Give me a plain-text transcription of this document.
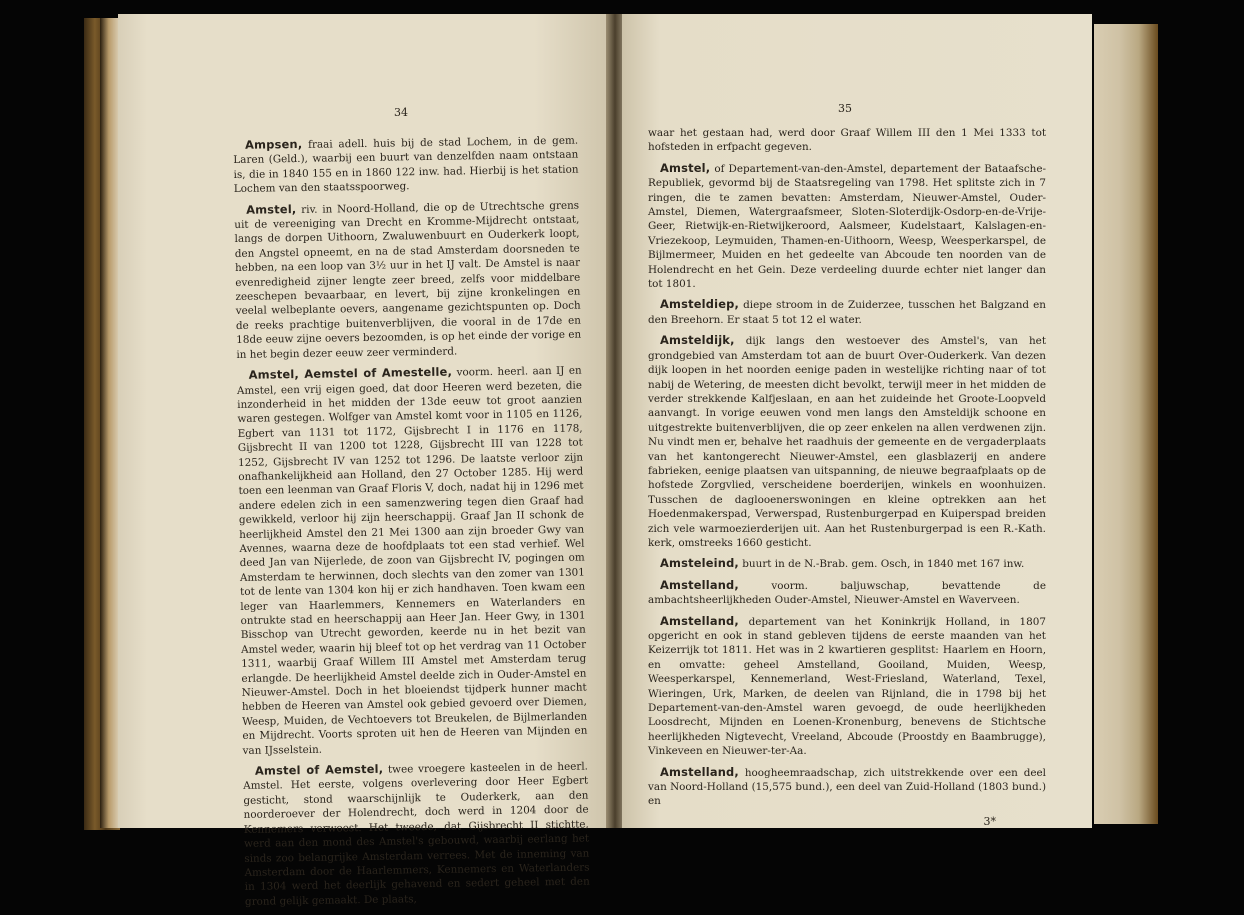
34

Ampsen, fraai adell. huis bij de stad Lochem, in de gem. Laren (Geld.), waarbij een buurt van denzelfden naam ontstaan is, die in 1840 155 en in 1860 122 inw. had. Hierbij is het station Lochem van den staatsspoorweg.

Amstel, riv. in Noord-Holland, die op de Utrechtsche grens uit de vereeniging van Drecht en Kromme-Mijdrecht ontstaat, langs de dorpen Uithoorn, Zwaluwenbuurt en Ouderkerk loopt, den Angstel opneemt, en na de stad Amsterdam doorsneden te hebben, na een loop van 3½ uur in het IJ valt. De Amstel is naar evenredigheid zijner lengte zeer breed, zelfs voor middelbare zeeschepen bevaarbaar, en levert, bij zijne kronkelingen en veelal welbeplante oevers, aangename gezichtspunten op. Doch de reeks prachtige buitenverblijven, die vooral in de 17de en 18de eeuw zijne oevers bezoomden, is op het einde der vorige en in het begin dezer eeuw zeer verminderd.

Amstel, Aemstel of Amestelle, voorm. heerl. aan IJ en Amstel, een vrij eigen goed, dat door Heeren werd bezeten, die inzonderheid in het midden der 13de eeuw tot groot aanzien waren gestegen. Wolfger van Amstel komt voor in 1105 en 1126, Egbert van 1131 tot 1172, Gijsbrecht I in 1176 en 1178, Gijsbrecht II van 1200 tot 1228, Gijsbrecht III van 1228 tot 1252, Gijsbrecht IV van 1252 tot 1296. De laatste verloor zijn onafhankelijkheid aan Holland, den 27 October 1285. Hij werd toen een leenman van Graaf Floris V, doch, nadat hij in 1296 met andere edelen zich in een samenzwering tegen dien Graaf had gewikkeld, verloor hij zijn heerschappij. Graaf Jan II schonk de heerlijkheid Amstel den 21 Mei 1300 aan zijn broeder Gwy van Avennes, waarna deze de hoofdplaats tot een stad verhief. Wel deed Jan van Nijerlede, de zoon van Gijsbrecht IV, pogingen om Amsterdam te herwinnen, doch slechts van den zomer van 1301 tot de lente van 1304 kon hij er zich handhaven. Toen kwam een leger van Haarlemmers, Kennemers en Waterlanders en ontrukte stad en heerschappij aan Heer Jan. Heer Gwy, in 1301 Bisschop van Utrecht geworden, keerde nu in het bezit van Amstel weder, waarin hij bleef tot op het verdrag van 11 October 1311, waarbij Graaf Willem III Amstel met Amsterdam terug erlangde. De heerlijkheid Amstel deelde zich in Ouder-Amstel en Nieuwer-Amstel. Doch in het bloeiendst tijdperk hunner macht hebben de Heeren van Amstel ook gebied gevoerd over Diemen, Weesp, Muiden, de Vechtoevers tot Breukelen, de Bijlmerlanden en Mijdrecht. Voorts sproten uit hen de Heeren van Mijnden en van IJsselstein.

Amstel of Aemstel, twee vroegere kasteelen in de heerl. Amstel. Het eerste, volgens overlevering door Heer Egbert gesticht, stond waarschijnlijk te Ouderkerk, aan den noorderoever der Holendrecht, doch werd in 1204 door de Kennemers verwoest. Het tweede, dat Gijsbrecht II stichtte, werd aan den mond des Amstel's gebouwd, waarbij eerlang het sinds zoo belangrijke Amsterdam verrees. Met de inneming van Amsterdam door de Haarlemmers, Kennemers en Waterlanders in 1304 werd het deerlijk gehavend en sedert geheel met den grond gelijk gemaakt. De plaats,

35

waar het gestaan had, werd door Graaf Willem III den 1 Mei 1333 tot hofsteden in erfpacht gegeven.

Amstel, of Departement-van-den-Amstel, departement der Bataafsche-Republiek, gevormd bij de Staatsregeling van 1798. Het splitste zich in 7 ringen, die te zamen bevatten: Amsterdam, Nieuwer-Amstel, Ouder-Amstel, Diemen, Watergraafsmeer, Sloten-Sloterdijk-Osdorp-en-de-Vrije-Geer, Rietwijk-en-Rietwijkeroord, Aalsmeer, Kudelstaart, Kalslagen-en-Vriezekoop, Leymuiden, Thamen-en-Uithoorn, Weesp, Weesperkarspel, de Bijlmermeer, Muiden en het gedeelte van Abcoude ten noorden van de Holendrecht en het Gein. Deze verdeeling duurde echter niet langer dan tot 1801.

Amsteldiep, diepe stroom in de Zuiderzee, tusschen het Balgzand en den Breehorn. Er staat 5 tot 12 el water.

Amsteldijk, dijk langs den westoever des Amstel's, van het grondgebied van Amsterdam tot aan de buurt Over-Ouderkerk. Van dezen dijk loopen in het noorden eenige paden in westelijke richting naar of tot nabij de Wetering, de meesten dicht bevolkt, terwijl meer in het midden de verder strekkende Kalfjeslaan, en aan het zuideinde het Groote-Loopveld aanvangt. In vorige eeuwen vond men langs den Amsteldijk schoone en uitgestrekte buitenverblijven, die op zeer enkelen na allen verdwenen zijn. Nu vindt men er, behalve het raadhuis der gemeente en de vergaderplaats van het kantongerecht Nieuwer-Amstel, een glasblazerij en andere fabrieken, eenige plaatsen van uitspanning, de nieuwe begraafplaats op de hofstede Zorgvlied, verscheidene boerderijen, winkels en woonhuizen. Tusschen de daglooenerswoningen en kleine optrekken aan het Hoedenmakerspad, Verwerspad, Rustenburgerpad en Kuiperspad breiden zich vele warmoezierderijen uit. Aan het Rustenburgerpad is een R.-Kath. kerk, omstreeks 1660 gesticht.

Amsteleind, buurt in de N.-Brab. gem. Osch, in 1840 met 167 inw.

Amstelland,	voorm. baljuwschap, bevattende de ambachtsheerlijkheden Ouder-Amstel, Nieuwer-Amstel en Waverveen.

Amstelland, departement van het Koninkrijk Holland, in 1807 opgericht en ook in stand gebleven tijdens de eerste maanden van het Keizerrijk tot 1811. Het was in 2 kwartieren gesplitst: Haarlem en Hoorn, en omvatte: geheel Amstelland, Gooiland, Muiden, Weesp, Weesperkarspel, Kennemerland, West-Friesland, Waterland, Texel, Wieringen, Urk, Marken, de deelen van Rijnland, die in 1798 bij het Departement-van-den-Amstel waren gevoegd, de oude heerlijkheden Loosdrecht, Mijnden en Loenen-Kronenburg, benevens de Stichtsche heerlijkheden Nigtevecht, Vreeland, Abcoude (Proostdy en Baambrugge), Vinkeveen en Nieuwer-ter-Aa.

Amstelland, hoogheemraadschap, zich uitstrekkende over een deel van Noord-Holland (15,575 bund.), een deel van Zuid-Holland (1803 bund.) en

3*
